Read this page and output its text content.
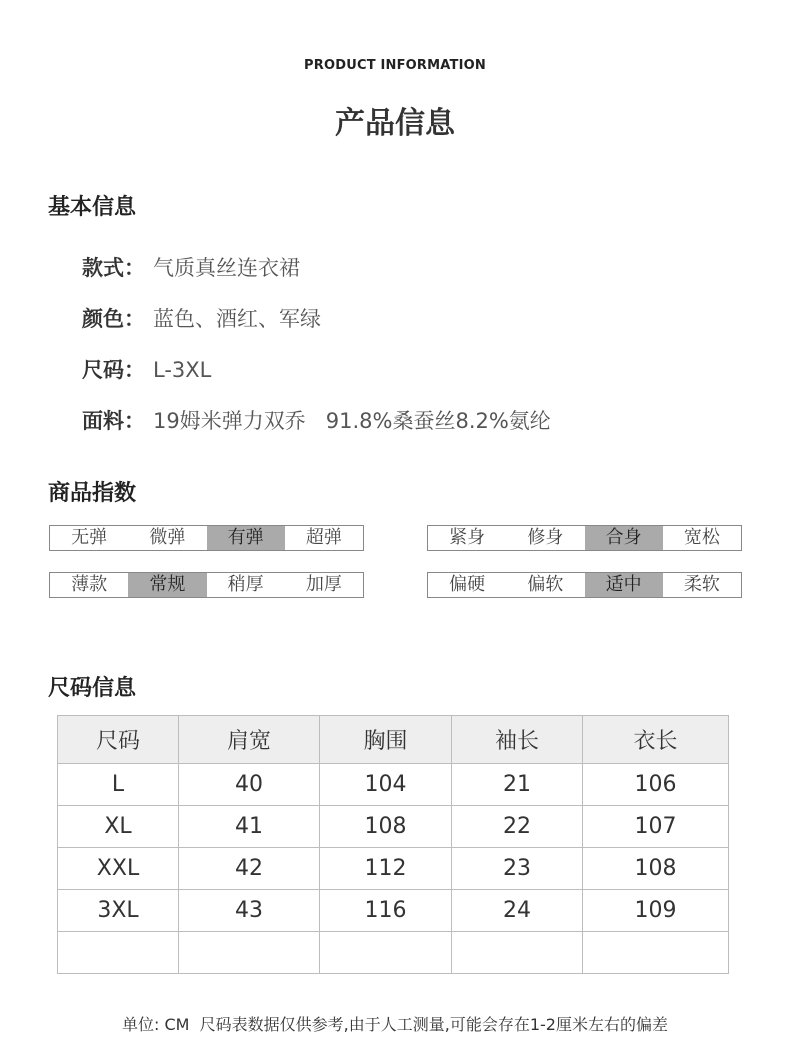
PRODUCT INFORMATION
产品信息
基本信息
款式： 气质真丝连衣裙
颜色： 蓝色、酒红、军绿
尺码： L-3XL
面料： 19姆米弹力双乔   91.8%桑蚕丝8.2%氨纶
商品指数
无弹	微弹	有弹	超弹	紧身	修身	合身	宽松
薄款	常规	稍厚	加厚	偏硬	偏软	适中	柔软
尺码信息
尺码	肩宽	胸围	袖长	衣长
L	40	104	21	106
XL	41	108	22	107
XXL	42	112	23	108
3XL	43	116	24	109

单位: CM  尺码表数据仅供参考,由于人工测量,可能会存在1-2厘米左右的偏差
